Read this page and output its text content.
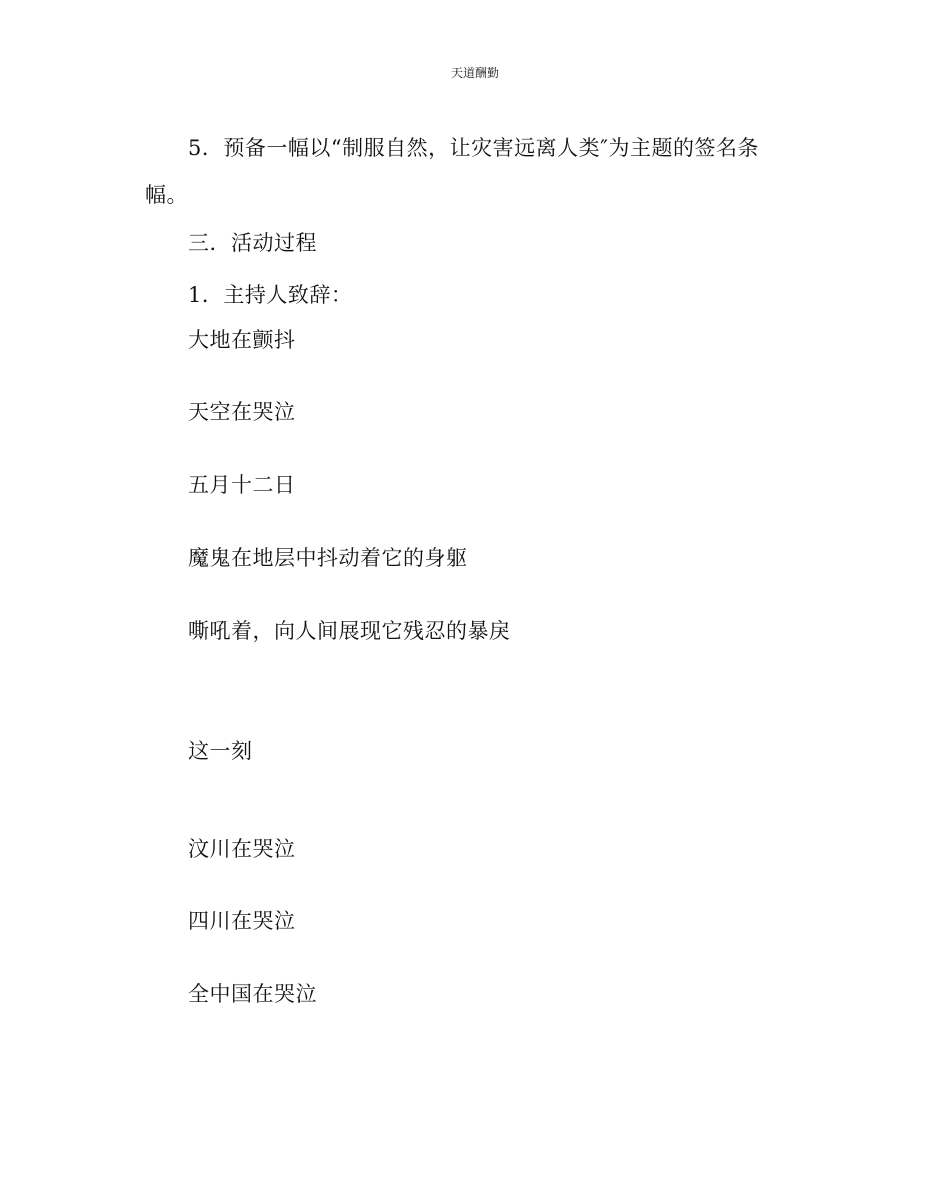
天道酬勤
5．预备一幅以“制服自然，让灾害远离人类″为主题的签名条
幅。
三．活动过程
1．主持人致辞：
大地在颤抖
天空在哭泣
五月十二日
魔鬼在地层中抖动着它的身躯
嘶吼着，向人间展现它残忍的暴戾
这一刻
汶川在哭泣
四川在哭泣
全中国在哭泣
